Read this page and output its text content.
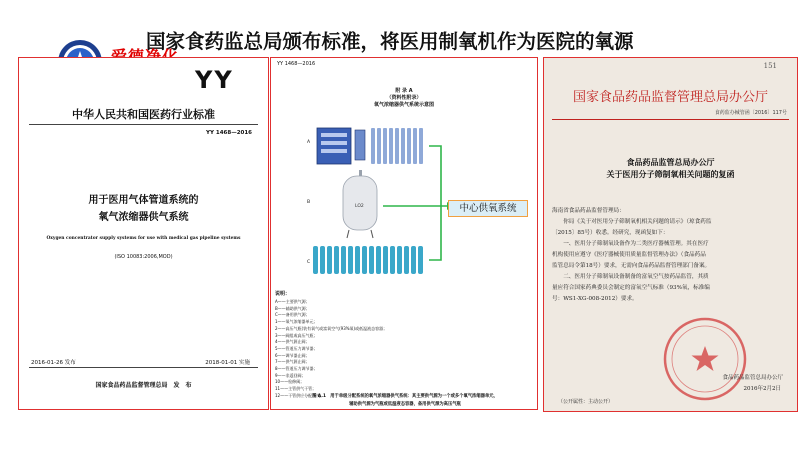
国家食药监总局颁布标准，将医用制氧机作为医院的氧源
YY
中华人民共和国医药行业标准
YY 1468—2016
用于医用气体管道系统的
氧气浓缩器供气系统
Oxygen concentrator supply systems for use with medical gas pipeline systems
(ISO 10083:2006,MOD)
2016-01-26 发布	2018-01-01 实施
国家食品药品监督管理总局　发　布
YY 1468—2016
附 录 A
（资料性附录）
氧气浓缩器供气系统示意图
LO2
A
B
C
中心供氧系统
说明：
A——主要供气源；
B——辅助供气源；
C——备用供气源；
1——氧气浓缩器单元；
2——高压气瓶(装有氧气或富氧空气(93%氧)或低温液态容器；
3——阀组或高压气瓶；
4——供气源止阀；
5——管道压力调节器；
6——调节器止阀；
7——供气源止阀；
8——管道压力调节器；
9——非返回阀；
10——检修阀；
11——主管供气干管；
12——干管供应分配系统。
图 A.1　用于单级分配系统的氧气浓缩器供气系统：其主要供气源为一个或多个氧气浓缩器单元，
辅助供气源为气瓶或低温液态容器，备用供气源为高压气瓶
151
国家食品药品监督管理总局办公厅
食药监办械管函〔2016〕117号
食品药品监管总局办公厅
关于医用分子筛制氧相关问题的复函

海南省食品药品监督管理局：

　　你局《关于对医用分子筛制氧机相关问题的请示》（琼食药监

〔2015〕85号）收悉。经研究，现函复如下：

　　一、医用分子筛制氧设备作为二类医疗器械管理。其在医疗

机构使用应遵守《医疗器械使用质量监督管理办法》（食品药品

监管总局令第18号）要求，无需向食品药品监督管理部门备案。

　　二、医用分子筛制氧设备制备的富氧空气按药品监管，其质

量应符合国家药典委员会制定的富氧空气标准（93%氧，标准编

号：WS1-XG-008-2012）要求。

食品药品监管总局办公厅
2016年2月2日
（公开属性：主动公开）
